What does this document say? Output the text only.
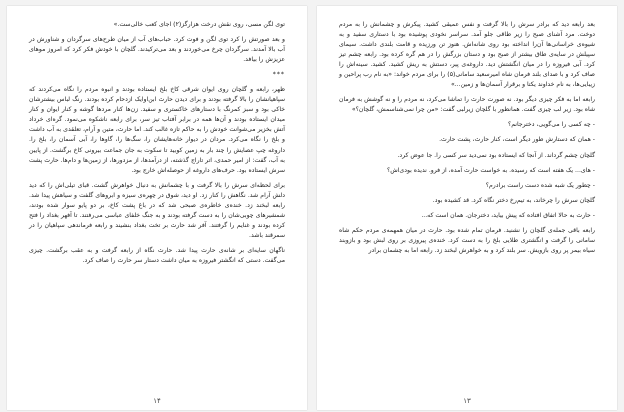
توی لگن مسی، روی نقش درخت هزارگز(۲) اجای کعب خالی‌ست.»

و بعد صورتش را کرد توی لگن و فوت کرد. حباب‌های آب از میان طرح‌های سرگردان و شناورش در آب بالا آمدند. سرگردان چرخ می‌خوردند و بعد می‌ترکیدند. گلچان با خودش فکر کرد که امروز موهای عزیزش را بیافد.

***

ظهر، رابعه و گلچان روی ایوان شرقی کاخ بلخ ایستاده بودند و انبوه مردم را نگاه می‌کردند که سپاهیانشان را بالا گرفته بودند و برای دیدن حارث ابن‌اوایک ازدحام کرده بودند. رنگ لباس بیشترشان خاکی بود و سبز کمرنگ با دستارهای خاکستری و سفید. زن‌ها کنار مردها گوشه و کنار ایوان و کنار میدان ایستاده بودند و آن‌ها همه در برابر آفتاب تیز سر، برای رابعه ناشکوه می‌نمود. گره‌ای خرداد آتش بخزیر می‌شوانت خودش را به حاکم تازه غالب کند. اما حارث، متین و آرام، تعلقدی به آب داشت و بلخ را نگاه می‌کرد. مردان در دیوار خانه‌هایشان را، سگ‌ها را، گاوها را، آبی آسمان را، بلخ را. داروغه چپ عصایش را چند بار به زمین کوبید تا سکوت به جان جماعت بیرونی کاخ برگشت. از پایین به آب، گفت: از امیر حمدی، اتر تاراج گذشته، از درآمدها، از مزدورها، از زمین‌ها و دام‌ها. حارث پشت سرش ایستاده بود. حرف‌های داروغه از حوصله‌اش خارج بود.

برای لحظه‌ای سرش را بالا گرفت و با چشمانش به دنبال خواهرش گشت. قبای تیلی‌اش را که دید دلش آرام شد. نگاهش را کنار زد. او دید، شوق در چهره‌ی سیزه و ابروهای گلفت و سیاهش پیدا شد. رابعه لبخند زد. خنده‌ی خاطره‌ی صبحی شد که در باغ پشت کاخ، بر دو پایو سوار شده بودند، شمشیرهای چوبی‌شان را به دست گرفته بودند و به جنگ خلفای عباسی می‌رفتند. تا آفهر بغداد را فتح کرده بودند و غنایم را گرفتند. آفر شد حارث بر تخت بغداد بنشیند و رابعه فرماندهی سپاهیان را در سمرقند باشد.

ناگهان سایه‌ای بر شانه‌ی حارث پیدا شد. حارث نگاه از رابعه گرفت و به عقب برگشت. چیزی می‌گفت. دستی که انگشتر فیروزه به میان داشت دستار سر حارث را صاف کرد.

۱۴

بعد رابعه دید که برادر سرش را بالا گرفت و نفس عمیقی کشید. پیکرش و چشمانش را به مردم دوخت. مرد آشنای صبح را زیر طاقی جلو آمد. سراسر نخودی پوشیده بود با دستاری سفید و به شیوه‌ی خراسانی‌ها آن‌را انداخته بود روی شانه‌اش. هنوز تن ورزیده و قامت بلندی داشت. سیمای سپیلش در سایه‌ی طاق بیشتر از صبح بود و دستان بزرگش را در هم گره کرده بود. رابعه چشم تیز کرد. آبی فیروزه را در میان انگشتش دید. داروغه‌ی پیر، دستش به ریش کشید. کشید. سینه‌اش را صاف کرد و با صدای بلند فرمان شاه امیرسعید سامانی(۵) را برای مردم خواند: «به نام رب پراحین و زیبایی‌ها، به نام خداوند یکتا و برقرار آسمان‌ها و زمین...»

رابعه اما به فکر چیزی دیگر بود. نه صورت حارث را تماشا می‌کرد، نه مردم را و نه گوشش به فرمان شاه بود. زیر لب چیزی گفت. همانطور با گلچان زیرلبی گفت: «من چرا نمی‌شناسمش، گلچان؟»

- چه کسی را می‌گویی، دخترجانم؟

- همان که دستارش طور دیگر است، کنار حارث، پشت حارث.

گلچان چشم گرداند. از آنجا که ایستاده بود نمی‌دید سر کسی را. جا عوض کرد.

- های... یک هفته است که رسیده. به خواست حارث آمده، از فرو. ندیده بودی‌اش؟

- چطور یک شبه شده دست راست برادرم؟

گلچان سرش را چرخاند، به تیم‌رخ دختر نگاه کرد. قد کشیده بود.

- حارث به حالا اتفاق افتاده که پیش بیاید، دخترجان. همان است که...

رابعه باقی جمله‌ی گلچان را نشنید. فرمان تمام شده بود. حارث در میان همهمه‌ی مردم حکم شاه سامانی را گرفت و انگشتری طلایی بلخ را به دست کرد. خنده‌ی پیروزی بر روی لبش بود و بازوبند سیاه بیمر پر روی بازویش. سر بلند کرد و به خواهرش لبخند زد. رابعه اما به چشمان برادر

۱۳
